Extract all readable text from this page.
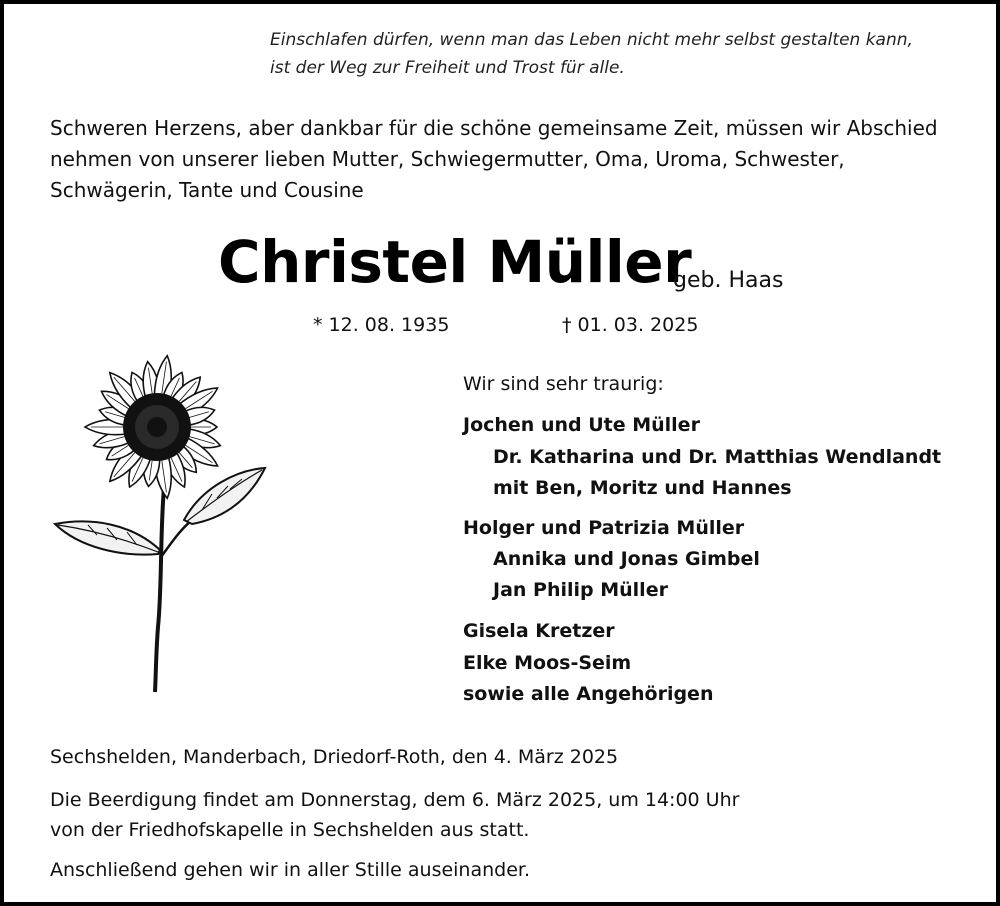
Einschlafen dürfen, wenn man das Leben nicht mehr selbst gestalten kann,
ist der Weg zur Freiheit und Trost für alle.
Schweren Herzens, aber dankbar für die schöne gemeinsame Zeit, müssen wir Abschied
nehmen von unserer lieben Mutter, Schwiegermutter, Oma, Uroma, Schwester,
Schwägerin, Tante und Cousine
Christel Müller
geb. Haas
* 12. 08. 1935	† 01. 03. 2025
Wir sind sehr traurig:
Jochen und Ute Müller
Dr. Katharina und Dr. Matthias Wendlandt
mit Ben, Moritz und Hannes
Holger und Patrizia Müller
Annika und Jonas Gimbel
Jan Philip Müller
Gisela Kretzer
Elke Moos-Seim
sowie alle Angehörigen
Sechshelden, Manderbach, Driedorf-Roth, den 4. März 2025
Die Beerdigung findet am Donnerstag, dem 6. März 2025, um 14:00 Uhr
von der Friedhofskapelle in Sechshelden aus statt.
Anschließend gehen wir in aller Stille auseinander.
